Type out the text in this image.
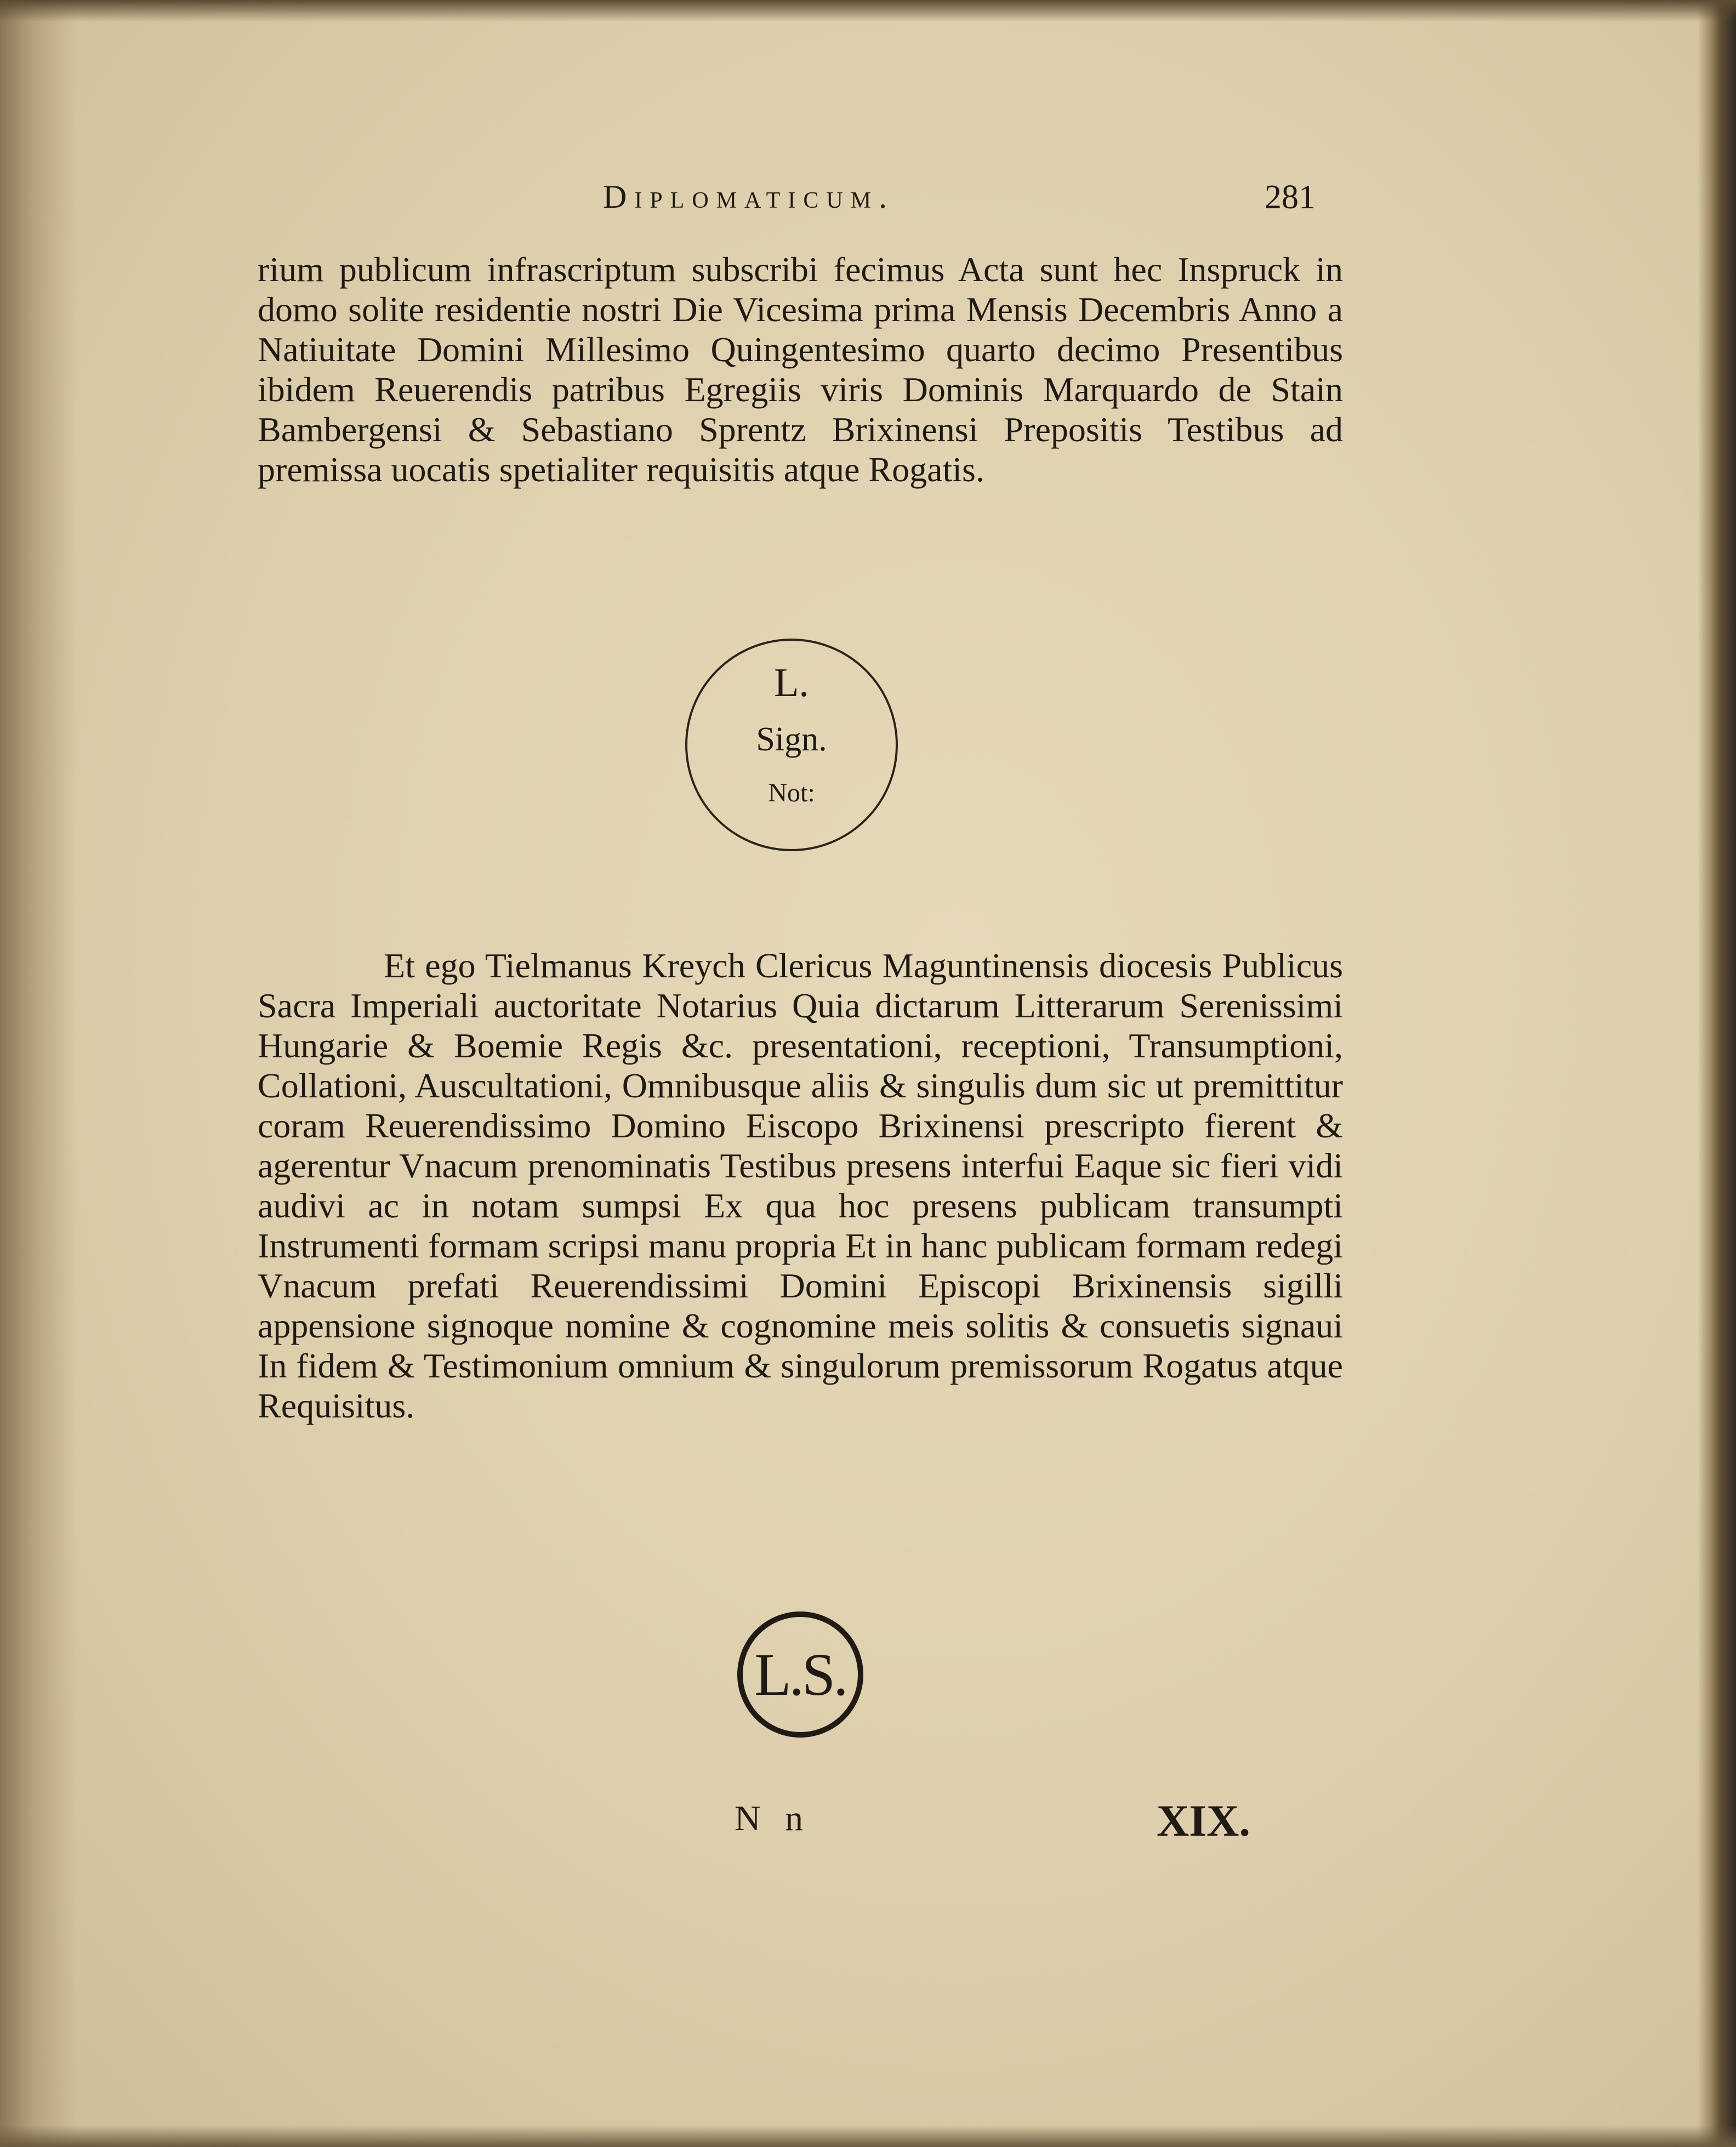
Diplomaticum.	281

rium publicum infrascriptum subscribi fecimus Acta sunt hec Inspruck in domo solite residentie nostri Die Vicesima prima Mensis Decembris Anno a Natiuitate Domini Millesimo Quingentesimo quarto decimo Presentibus ibidem Reuerendis patribus Egregiis viris Dominis Marquardo de Stain Bambergensi & Sebastiano Sprentz Brixinensi Prepositis Testibus ad premissa uocatis spetialiter requisitis atque Rogatis.

L.
Sign.
Not:

Et ego Tielmanus Kreych Clericus Maguntinensis diocesis Publicus Sacra Imperiali auctoritate Notarius Quia dictarum Litterarum Serenissimi Hungarie & Boemie Regis &c. presentationi, receptioni, Transumptioni, Collationi, Auscultationi, Omnibusque aliis & singulis dum sic ut premittitur coram Reuerendissimo Domino Eiscopo Brixinensi prescripto fierent & agerentur Vnacum prenominatis Testibus presens interfui Eaque sic fieri vidi audivi ac in notam sumpsi Ex qua hoc presens publicam transumpti Instrumenti formam scripsi manu propria Et in hanc publicam formam redegi Vnacum prefati Reuerendissimi Domini Episcopi Brixinensis sigilli appensione signoque nomine & cognomine meis solitis & consuetis signaui In fidem & Testimonium omnium & singulorum premissorum Rogatus atque Requisitus.

L.S.
N n	XIX.
